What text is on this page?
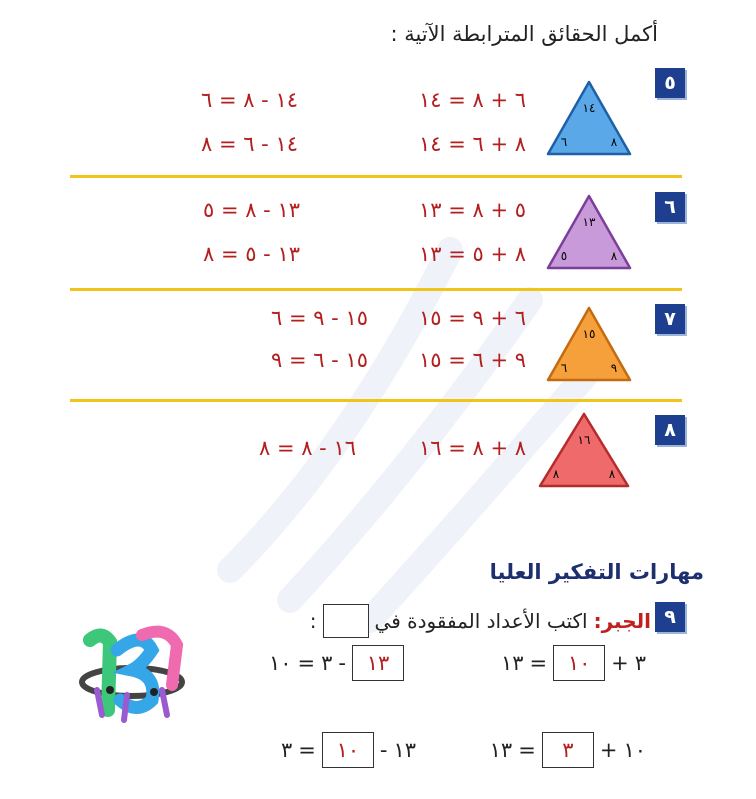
أكمل الحقائق المترابطة الآتية :
٥
١٤
٦	٨
٦ + ٨ = ١٤
١٤ - ٨ = ٦
٨ + ٦ = ١٤
١٤ - ٦ = ٨
٦
١٣
٥	٨
٥ + ٨ = ١٣
١٣ - ٨ = ٥
٨ + ٥ = ١٣
١٣ - ٥ = ٨
٧
١٥
٦	٩
٦ + ٩ = ١٥
١٥ - ٩ = ٦
٩ + ٦ = ١٥
١٥ - ٦ = ٩
٨
١٦
٨	٨
٨ + ٨ = ١٦
١٦ - ٨ = ٨
مهارات التفكير العليا
٩
الجبر:
اكتب الأعداد المفقودة في
:
١٣ = ١٠ + ٣
١٠ = ٣ - ١٣
١٣ =	٣	+ ١٠
٣ = ١٠ - ١٣
